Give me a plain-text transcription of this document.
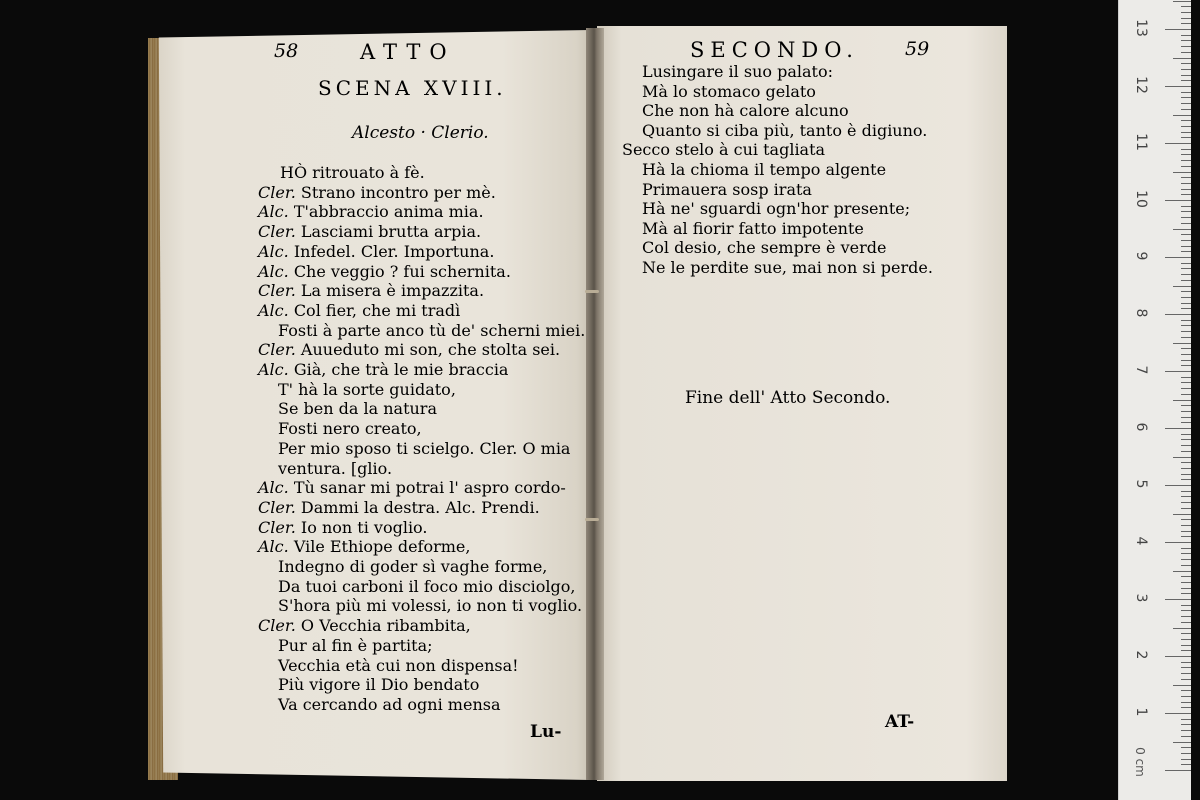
58	ATTO
SCENA XVIII.
Alcesto · Clerio.
HÒ ritrouato à fè.
Cler. Strano incontro per mè.
Alc. T'abbraccio anima mia.
Cler. Lasciami brutta arpia.
Alc. Infedel. Cler. Importuna.
Alc. Che veggio ? fui schernita.
Cler. La misera è impazzita.
Alc. Col fier, che mi tradì
Fosti à parte anco tù de' scherni miei.
Cler. Auueduto mi son, che stolta sei.
Alc. Già, che trà le mie braccia
T' hà la sorte guidato,
Se ben da la natura
Fosti nero creato,
Per mio sposo ti scielgo. Cler. O mia
ventura. [glio.
Alc. Tù sanar mi potrai l' aspro cordo-
Cler. Dammi la destra. Alc. Prendi.
Cler. Io non ti voglio.
Alc. Vile Ethiope deforme,
Indegno di goder sì vaghe forme,
Da tuoi carboni il foco mio disciolgo,
S'hora più mi volessi, io non ti voglio.
Cler. O Vecchia ribambita,
Pur al fin è partita;
Vecchia età cui non dispensa!
Più vigore il Dio bendato
Va cercando ad ogni mensa
Lu-
SECONDO. 59
Lusingare il suo palato:
Mà lo stomaco gelato
Che non hà calore alcuno
Quanto si ciba più, tanto è digiuno.
Secco stelo à cui tagliata
Hà la chioma il tempo algente
Primauera sosp irata
Hà ne' sguardi ogn'hor presente;
Mà al fiorir fatto impotente
Col desio, che sempre è verde
Ne le perdite sue, mai non si perde.
Fine dell' Atto Secondo.
AT-
0 cm
1
2
3
4
5
6
7
8
9
10
11
12
13
